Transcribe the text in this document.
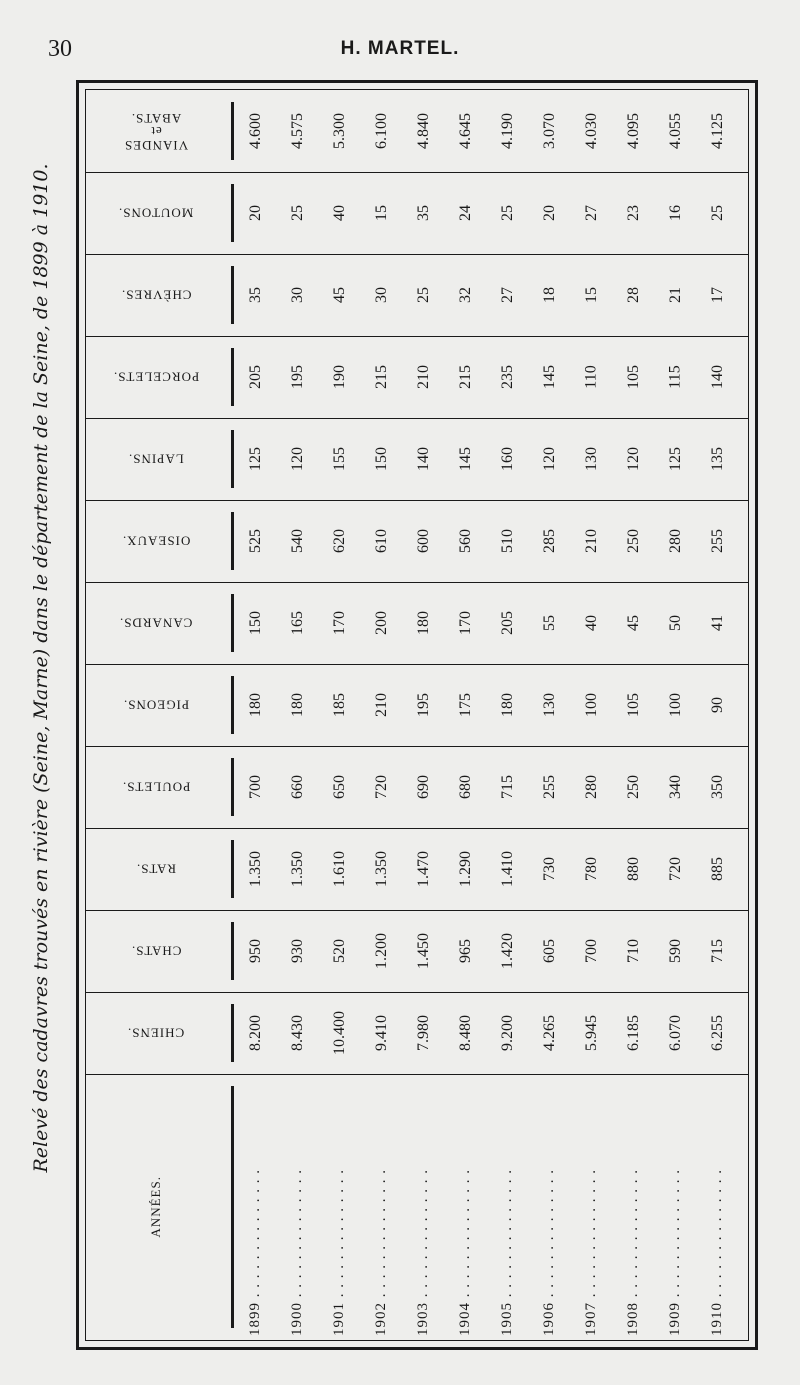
30	H. MARTEL.
Relevé des cadavres trouvés en rivière (Seine, Marne) dans le département de la Seine, de 1899 à 1910.
VIANDES
et
ABATS.
MOUTONS.
CHÈVRES.
PORCELETS.
LAPINS.
OISEAUX.
CANARDS.
PIGEONS.
POULETS.
RATS.
CHATS.
CHIENS.
ANNÉES.
4.600
20
35
205
125
525
150
180
700
1.350
950
8.200
1899 . . . . . . . . . . . . . .
4.575
25
30
195
120
540
165
180
660
1.350
930
8.430
1900 . . . . . . . . . . . . . .
5.300
40
45
190
155
620
170
185
650
1.610
520
10.400
1901 . . . . . . . . . . . . . .
6.100
15
30
215
150
610
200
210
720
1.350
1.200
9.410
1902 . . . . . . . . . . . . . .
4.840
35
25
210
140
600
180
195
690
1.470
1.450
7.980
1903 . . . . . . . . . . . . . .
4.645
24
32
215
145
560
170
175
680
1.290
965
8.480
1904 . . . . . . . . . . . . . .
4.190
25
27
235
160
510
205
180
715
1.410
1.420
9.200
1905 . . . . . . . . . . . . . .
3.070
20
18
145
120
285
55
130
255
730
605
4.265
1906 . . . . . . . . . . . . . .
4.030
27
15
110
130
210
40
100
280
780
700
5.945
1907 . . . . . . . . . . . . . .
4.095
23
28
105
120
250
45
105
250
880
710
6.185
1908 . . . . . . . . . . . . . .
4.055
16
21
115
125
280
50
100
340
720
590
6.070
1909 . . . . . . . . . . . . . .
4.125
25
17
140
135
255
41
90
350
885
715
6.255
1910 . . . . . . . . . . . . . .
